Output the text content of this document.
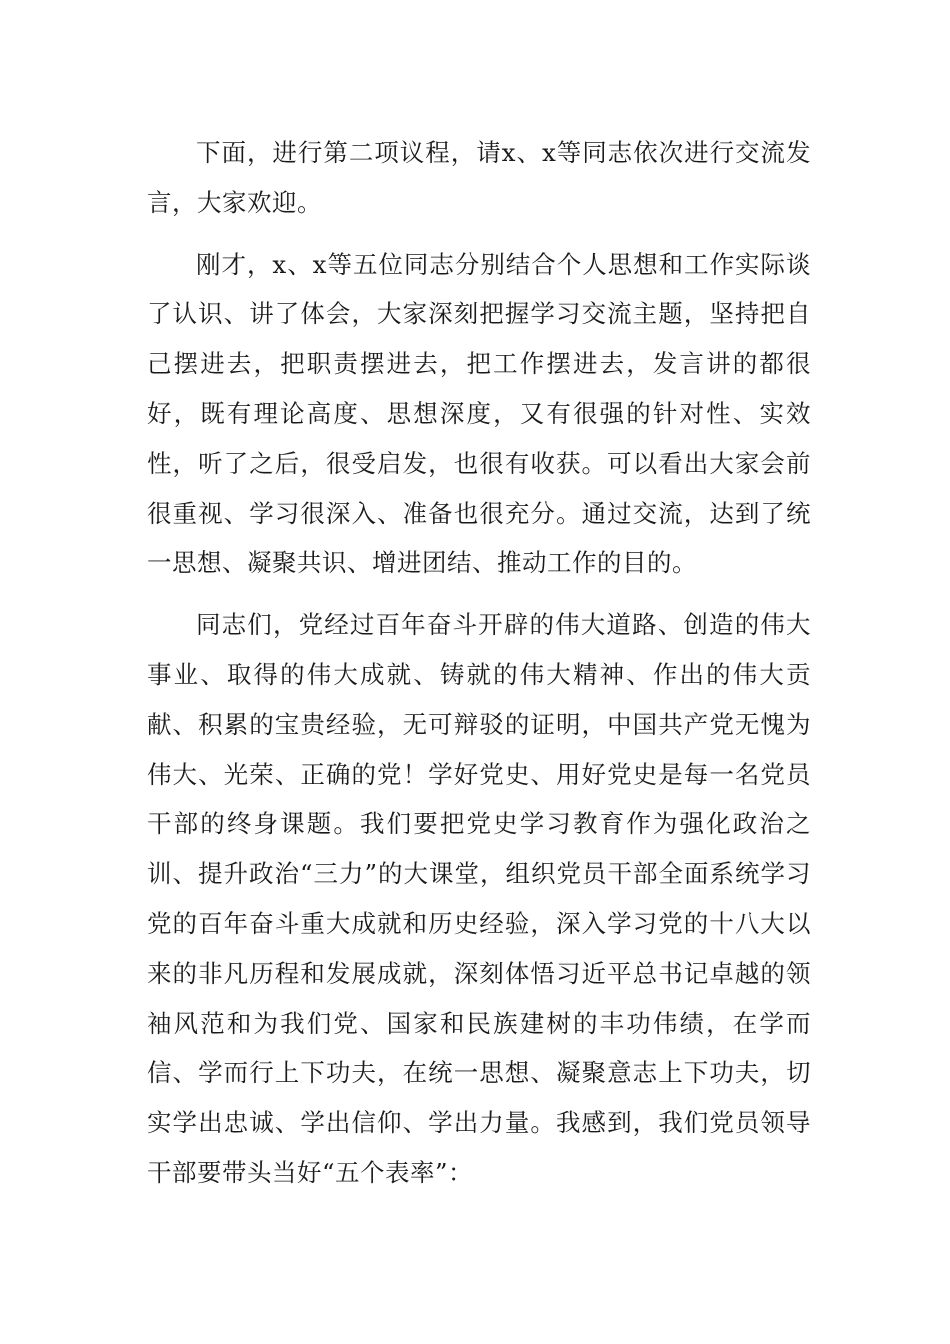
下面，进行第二项议程，请x、x等同志依次进行交流发言，大家欢迎。

刚才，x、x等五位同志分别结合个人思想和工作实际谈了认识、讲了体会，大家深刻把握学习交流主题，坚持把自己摆进去，把职责摆进去，把工作摆进去，发言讲的都很好，既有理论高度、思想深度，又有很强的针对性、实效性，听了之后，很受启发，也很有收获。可以看出大家会前很重视、学习很深入、准备也很充分。通过交流，达到了统一思想、凝聚共识、增进团结、推动工作的目的。

同志们，党经过百年奋斗开辟的伟大道路、创造的伟大事业、取得的伟大成就、铸就的伟大精神、作出的伟大贡献、积累的宝贵经验，无可辩驳的证明，中国共产党无愧为伟大、光荣、正确的党！学好党史、用好党史是每一名党员干部的终身课题。我们要把党史学习教育作为强化政治之训、提升政治“三力”的大课堂，组织党员干部全面系统学习党的百年奋斗重大成就和历史经验，深入学习党的十八大以来的非凡历程和发展成就，深刻体悟习近平总书记卓越的领袖风范和为我们党、国家和民族建树的丰功伟绩，在学而信、学而行上下功夫，在统一思想、凝聚意志上下功夫，切实学出忠诚、学出信仰、学出力量。我感到，我们党员领导干部要带头当好“五个表率”：
